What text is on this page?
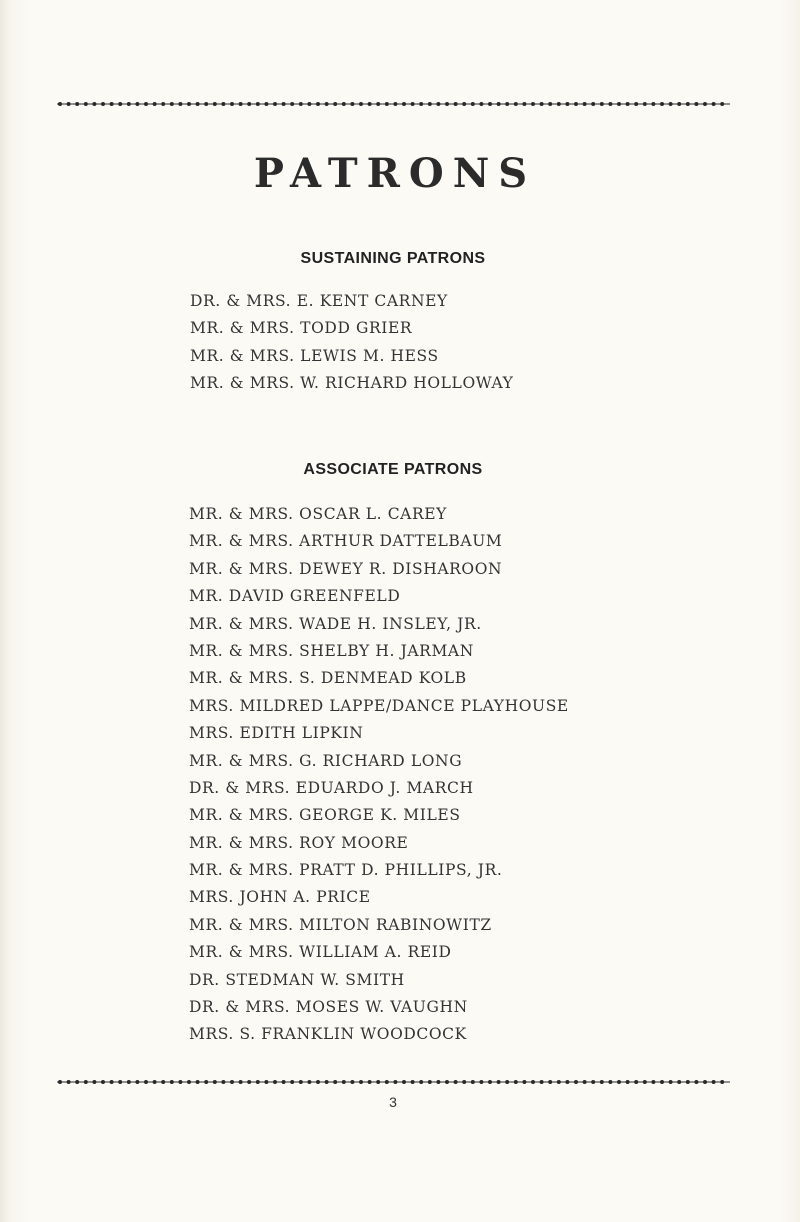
PATRONS
SUSTAINING PATRONS
DR. & MRS. E. KENT CARNEY
MR. & MRS. TODD GRIER
MR. & MRS. LEWIS M. HESS
MR. & MRS. W. RICHARD HOLLOWAY
ASSOCIATE PATRONS
MR. & MRS. OSCAR L. CAREY
MR. & MRS. ARTHUR DATTELBAUM
MR. & MRS. DEWEY R. DISHAROON
MR. DAVID GREENFELD
MR. & MRS. WADE H. INSLEY, JR.
MR. & MRS. SHELBY H. JARMAN
MR. & MRS. S. DENMEAD KOLB
MRS. MILDRED LAPPE/DANCE PLAYHOUSE
MRS. EDITH LIPKIN
MR. & MRS. G. RICHARD LONG
DR. & MRS. EDUARDO J. MARCH
MR. & MRS. GEORGE K. MILES
MR. & MRS. ROY MOORE
MR. & MRS. PRATT D. PHILLIPS, JR.
MRS. JOHN A. PRICE
MR. & MRS. MILTON RABINOWITZ
MR. & MRS. WILLIAM A. REID
DR. STEDMAN W. SMITH
DR. & MRS. MOSES W. VAUGHN
MRS. S. FRANKLIN WOODCOCK
3
